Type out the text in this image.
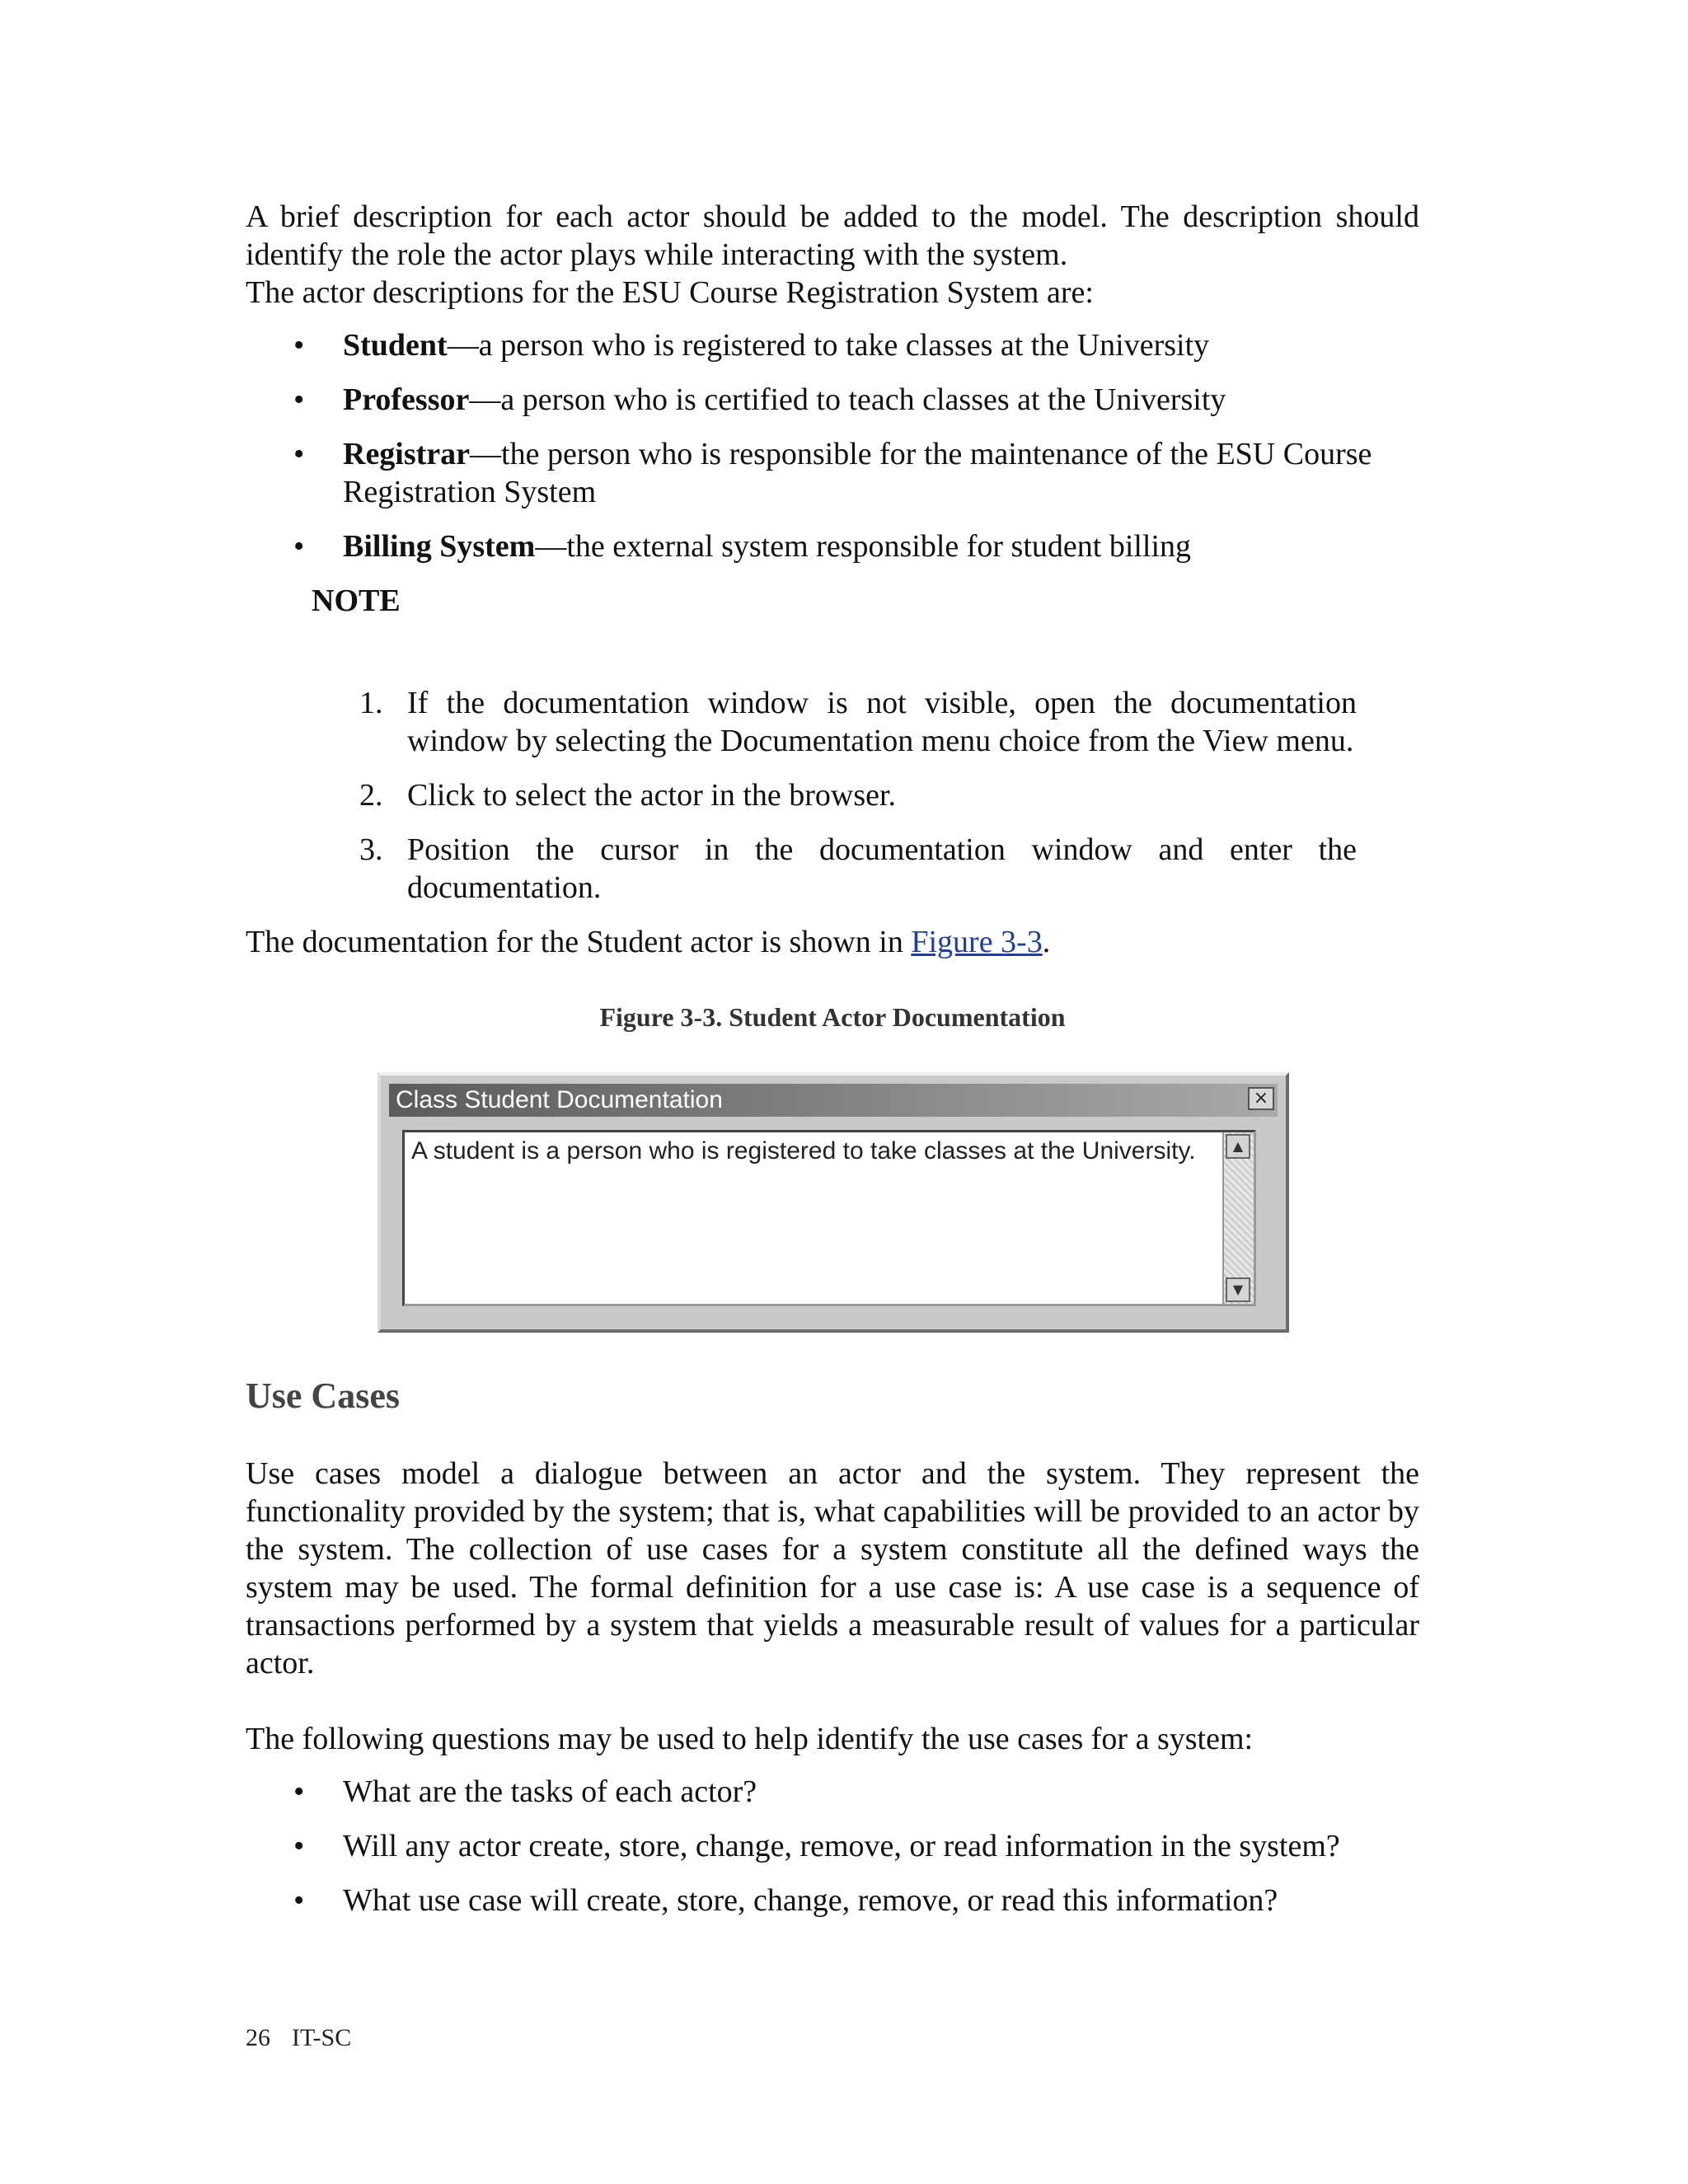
A brief description for each actor should be added to the model. The description should identify the role the actor plays while interacting with the system.

The actor descriptions for the ESU Course Registration System are:

• Student—a person who is registered to take classes at the University
• Professor—a person who is certified to teach classes at the University
• Registrar—the person who is responsible for the maintenance of the ESU Course Registration System
• Billing System—the external system responsible for student billing

NOTE

1. If the documentation window is not visible, open the documentation window by selecting the Documentation menu choice from the View menu.
2. Click to select the actor in the browser.
3. Position the cursor in the documentation window and enter the documentation.

The documentation for the Student actor is shown in Figure 3-3.

Figure 3-3. Student Actor Documentation

Class Student Documentation	×
A student is a person who is registered to take classes at the University.	▲
▼
Use Cases

Use cases model a dialogue between an actor and the system. They represent the functionality provided by the system; that is, what capabilities will be provided to an actor by the system. The collection of use cases for a system constitute all the defined ways the system may be used. The formal definition for a use case is: A use case is a sequence of transactions performed by a system that yields a measurable result of values for a particular actor.

The following questions may be used to help identify the use cases for a system:

• What are the tasks of each actor?
• Will any actor create, store, change, remove, or read information in the system?
• What use case will create, store, change, remove, or read this information?
26 IT-SC
